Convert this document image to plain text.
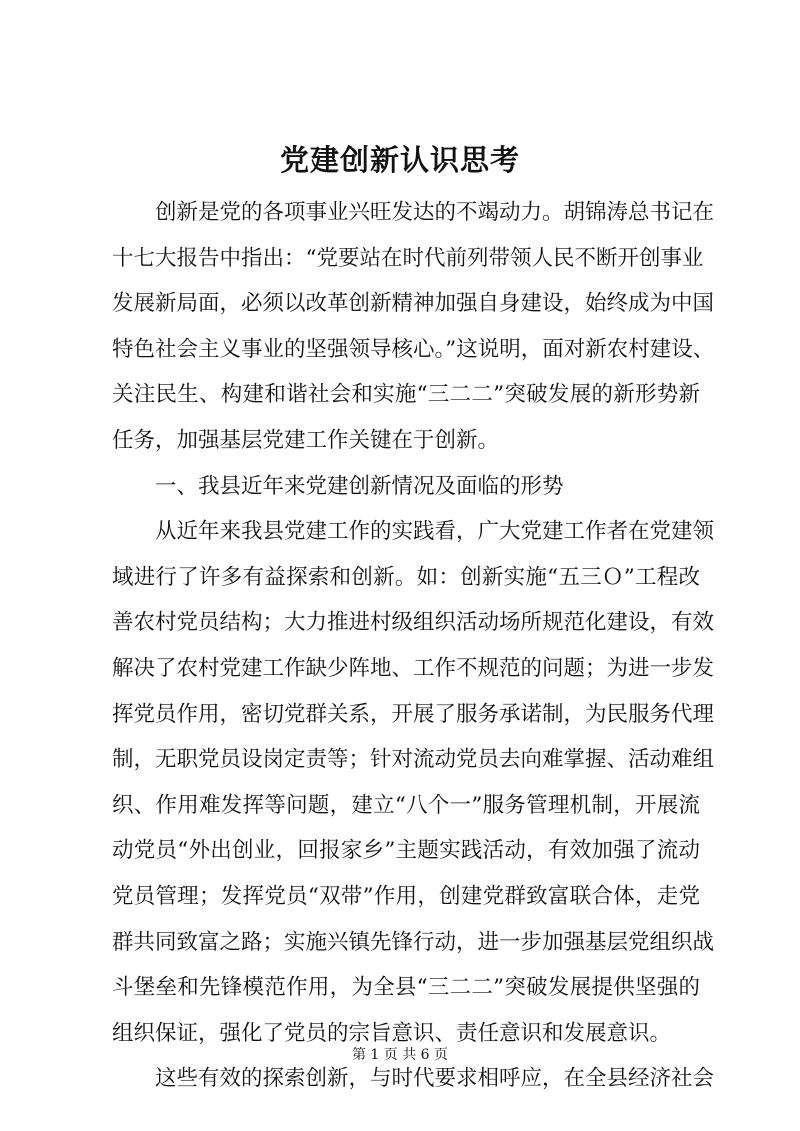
党建创新认识思考
创新是党的各项事业兴旺发达的不竭动力。胡锦涛总书记在
十七大报告中指出：“党要站在时代前列带领人民不断开创事业
发展新局面，必须以改革创新精神加强自身建设，始终成为中国
特色社会主义事业的坚强领导核心。”这说明，面对新农村建设、
关注民生、构建和谐社会和实施“三二二”突破发展的新形势新
任务，加强基层党建工作关键在于创新。
一、我县近年来党建创新情况及面临的形势
从近年来我县党建工作的实践看，广大党建工作者在党建领
域进行了许多有益探索和创新。如：创新实施“五三Ｏ”工程改
善农村党员结构；大力推进村级组织活动场所规范化建设，有效
解决了农村党建工作缺少阵地、工作不规范的问题；为进一步发
挥党员作用，密切党群关系，开展了服务承诺制，为民服务代理
制，无职党员设岗定责等；针对流动党员去向难掌握、活动难组
织、作用难发挥等问题，建立“八个一”服务管理机制，开展流
动党员“外出创业，回报家乡”主题实践活动，有效加强了流动
党员管理；发挥党员“双带”作用，创建党群致富联合体，走党
群共同致富之路；实施兴镇先锋行动，进一步加强基层党组织战
斗堡垒和先锋模范作用，为全县“三二二”突破发展提供坚强的
组织保证，强化了党员的宗旨意识、责任意识和发展意识。
这些有效的探索创新，与时代要求相呼应，在全县经济社会
第 1 页 共 6 页
